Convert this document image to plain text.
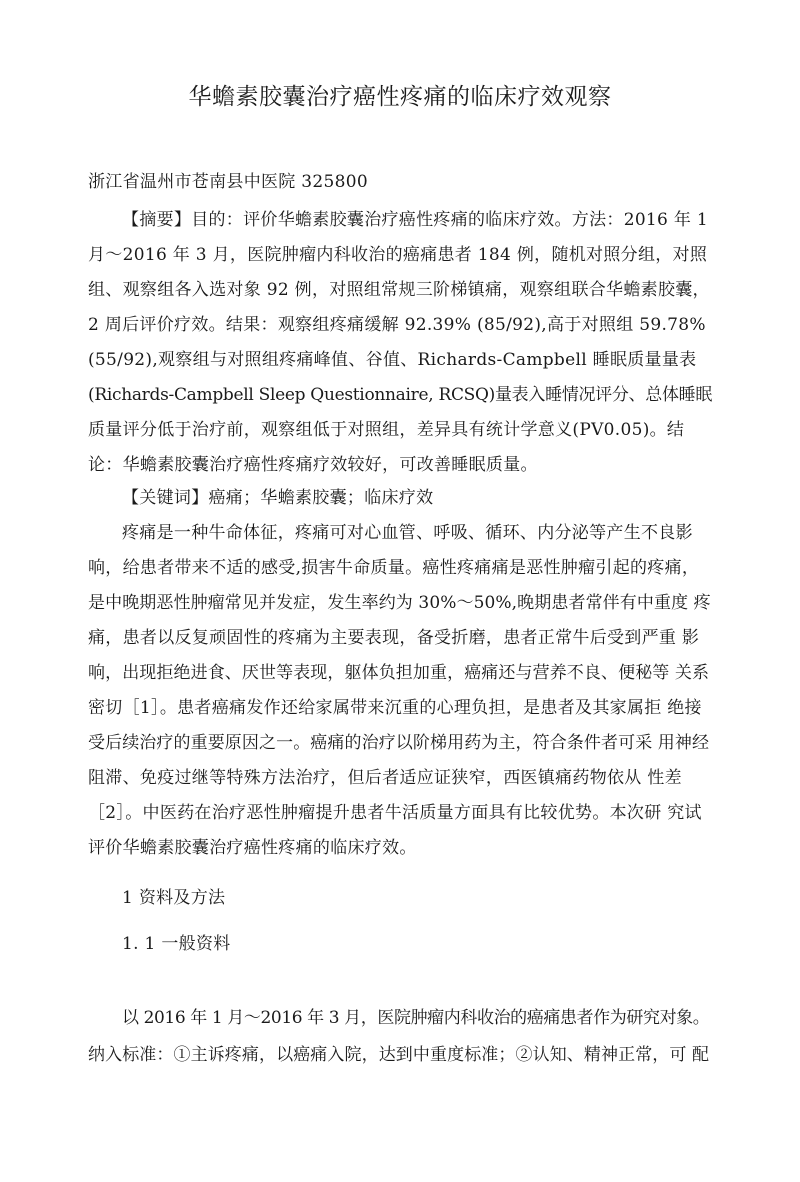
华蟾素胶囊治疗癌性疼痛的临床疗效观察
浙江省温州市苍南县中医院 325800
【摘要】目的：评价华蟾素胶囊治疗癌性疼痛的临床疗效。方法：2016 年 1
月～2016 年 3 月，医院肿瘤内科收治的癌痛患者 184 例，随机对照分组，对照
组、观察组各入选对象 92 例，对照组常规三阶梯镇痛，观察组联合华蟾素胶囊，
2 周后评价疗效。结果：观察组疼痛缓解 92.39% (85/92),高于对照组 59.78%
(55/92),观察组与对照组疼痛峰值、谷值、Richards-Campbell 睡眠质量量表
(Richards-Campbell Sleep Questionnaire, RCSQ)量表入睡情况评分、总体睡眠
质量评分低于治疗前，观察组低于对照组，差异具有统计学意义(PV0.05)。结
论：华蟾素胶囊治疗癌性疼痛疗效较好，可改善睡眠质量。
【关键词】癌痛；华蟾素胶囊；临床疗效
疼痛是一种牛命体征，疼痛可对心血管、呼吸、循环、内分泌等产生不良影
响，给患者带来不适的感受,损害牛命质量。癌性疼痛痛是恶性肿瘤引起的疼痛，
是中晚期恶性肿瘤常见并发症，发生率约为 30%～50%,晚期患者常伴有中重度 疼
痛，患者以反复顽固性的疼痛为主要表现，备受折磨，患者正常牛后受到严重 影
响，出现拒绝进食、厌世等表现，躯体负担加重，癌痛还与营养不良、便秘等 关系
密切［1］。患者癌痛发作还给家属带来沉重的心理负担，是患者及其家属拒 绝接
受后续治疗的重要原因之一。癌痛的治疗以阶梯用药为主，符合条件者可采 用神经
阻滞、免疫过继等特殊方法治疗，但后者适应证狭窄，西医镇痛药物依从 性差
［2］。中医药在治疗恶性肿瘤提升患者牛活质量方面具有比较优势。本次研 究试
评价华蟾素胶囊治疗癌性疼痛的临床疗效。
1 资料及方法
1. 1 一般资料
以 2016 年 1 月～2016 年 3 月，医院肿瘤内科收治的癌痛患者作为研究对象。
纳入标准：①主诉疼痛，以癌痛入院，达到中重度标准；②认知、精神正常，可 配
